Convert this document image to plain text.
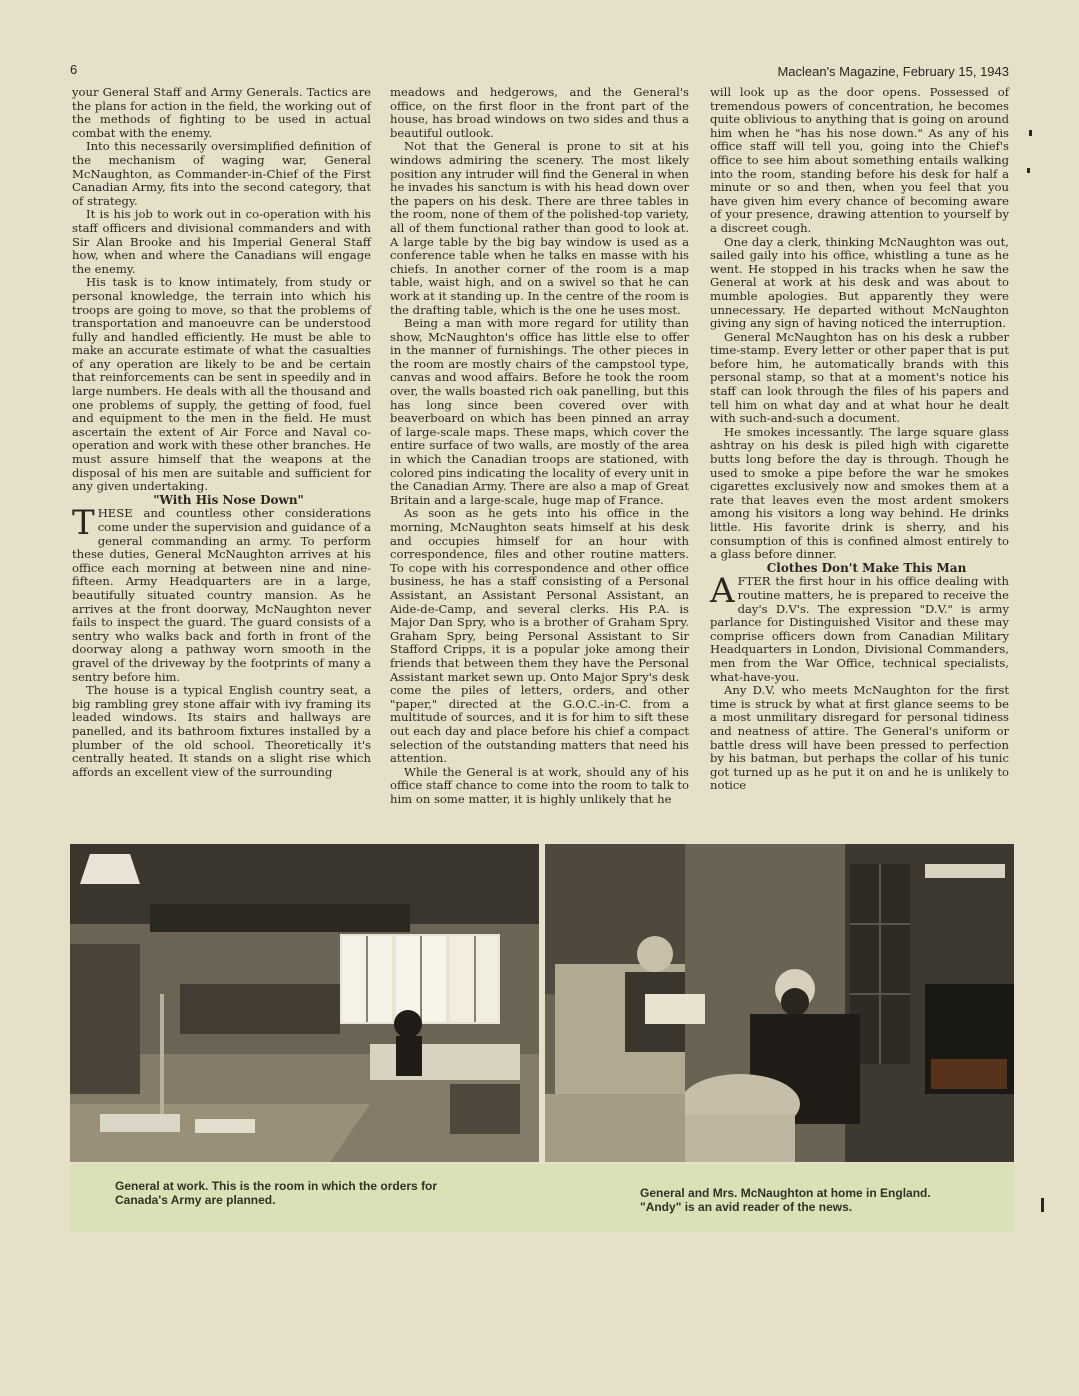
6	Maclean's Magazine, February 15, 1943

your General Staff and Army Generals. Tactics are the plans for action in the field, the working out of the methods of fighting to be used in actual combat with the enemy.

Into this necessarily oversimplified definition of the mechanism of waging war, General McNaughton, as Commander-in-Chief of the First Canadian Army, fits into the second category, that of strategy.

It is his job to work out in co-operation with his staff officers and divisional commanders and with Sir Alan Brooke and his Imperial General Staff how, when and where the Canadians will engage the enemy.

His task is to know intimately, from study or personal knowledge, the terrain into which his troops are going to move, so that the problems of transportation and manoeuvre can be understood fully and handled efficiently. He must be able to make an accurate estimate of what the casualties of any operation are likely to be and be certain that reinforcements can be sent in speedily and in large numbers. He deals with all the thousand and one problems of supply, the getting of food, fuel and equipment to the men in the field. He must ascertain the extent of Air Force and Naval co-operation and work with these other branches. He must assure himself that the weapons at the disposal of his men are suitable and sufficient for any given undertaking.

"With His Nose Down"

THESE and countless other considerations come under the supervision and guidance of a general commanding an army. To perform these duties, General McNaughton arrives at his office each morning at between nine and nine-fifteen. Army Headquarters are in a large, beautifully situated country mansion. As he arrives at the front doorway, McNaughton never fails to inspect the guard. The guard consists of a sentry who walks back and forth in front of the doorway along a pathway worn smooth in the gravel of the driveway by the footprints of many a sentry before him.

The house is a typical English country seat, a big rambling grey stone affair with ivy framing its leaded windows. Its stairs and hallways are panelled, and its bathroom fixtures installed by a plumber of the old school. Theoretically it's centrally heated. It stands on a slight rise which affords an excellent view of the surrounding

meadows and hedgerows, and the General's office, on the first floor in the front part of the house, has broad windows on two sides and thus a beautiful outlook.

Not that the General is prone to sit at his windows admiring the scenery. The most likely position any intruder will find the General in when he invades his sanctum is with his head down over the papers on his desk. There are three tables in the room, none of them of the polished-top variety, all of them functional rather than good to look at. A large table by the big bay window is used as a conference table when he talks en masse with his chiefs. In another corner of the room is a map table, waist high, and on a swivel so that he can work at it standing up. In the centre of the room is the drafting table, which is the one he uses most.

Being a man with more regard for utility than show, McNaughton's office has little else to offer in the manner of furnishings. The other pieces in the room are mostly chairs of the campstool type, canvas and wood affairs. Before he took the room over, the walls boasted rich oak panelling, but this has long since been covered over with beaverboard on which has been pinned an array of large-scale maps. These maps, which cover the entire surface of two walls, are mostly of the area in which the Canadian troops are stationed, with colored pins indicating the locality of every unit in the Canadian Army. There are also a map of Great Britain and a large-scale, huge map of France.

As soon as he gets into his office in the morning, McNaughton seats himself at his desk and occupies himself for an hour with correspondence, files and other routine matters. To cope with his correspondence and other office business, he has a staff consisting of a Personal Assistant, an Assistant Personal Assistant, an Aide-de-Camp, and several clerks. His P.A. is Major Dan Spry, who is a brother of Graham Spry. Graham Spry, being Personal Assistant to Sir Stafford Cripps, it is a popular joke among their friends that between them they have the Personal Assistant market sewn up. Onto Major Spry's desk come the piles of letters, orders, and other "paper," directed at the G.O.C.-in-C. from a multitude of sources, and it is for him to sift these out each day and place before his chief a compact selection of the outstanding matters that need his attention.

While the General is at work, should any of his office staff chance to come into the room to talk to him on some matter, it is highly unlikely that he

will look up as the door opens. Possessed of tremendous powers of concentration, he becomes quite oblivious to anything that is going on around him when he "has his nose down." As any of his office staff will tell you, going into the Chief's office to see him about something entails walking into the room, standing before his desk for half a minute or so and then, when you feel that you have given him every chance of becoming aware of your presence, drawing attention to yourself by a discreet cough.

One day a clerk, thinking McNaughton was out, sailed gaily into his office, whistling a tune as he went. He stopped in his tracks when he saw the General at work at his desk and was about to mumble apologies. But apparently they were unnecessary. He departed without McNaughton giving any sign of having noticed the interruption.

General McNaughton has on his desk a rubber time-stamp. Every letter or other paper that is put before him, he automatically brands with this personal stamp, so that at a moment's notice his staff can look through the files of his papers and tell him on what day and at what hour he dealt with such-and-such a document.

He smokes incessantly. The large square glass ashtray on his desk is piled high with cigarette butts long before the day is through. Though he used to smoke a pipe before the war he smokes cigarettes exclusively now and smokes them at a rate that leaves even the most ardent smokers among his visitors a long way behind. He drinks little. His favorite drink is sherry, and his consumption of this is confined almost entirely to a glass before dinner.

Clothes Don't Make This Man

AFTER the first hour in his office dealing with routine matters, he is prepared to receive the day's D.V's. The expression "D.V." is army parlance for Distinguished Visitor and these may comprise officers down from Canadian Military Headquarters in London, Divisional Commanders, men from the War Office, technical specialists, what-have-you.

Any D.V. who meets McNaughton for the first time is struck by what at first glance seems to be a most unmilitary disregard for personal tidiness and neatness of attire. The General's uniform or battle dress will have been pressed to perfection by his batman, but perhaps the collar of his tunic got turned up as he put it on and he is unlikely to notice

General at work. This is the room in which the orders for Canada's Army are planned.	General and Mrs. McNaughton at home in England. "Andy" is an avid reader of the news.
